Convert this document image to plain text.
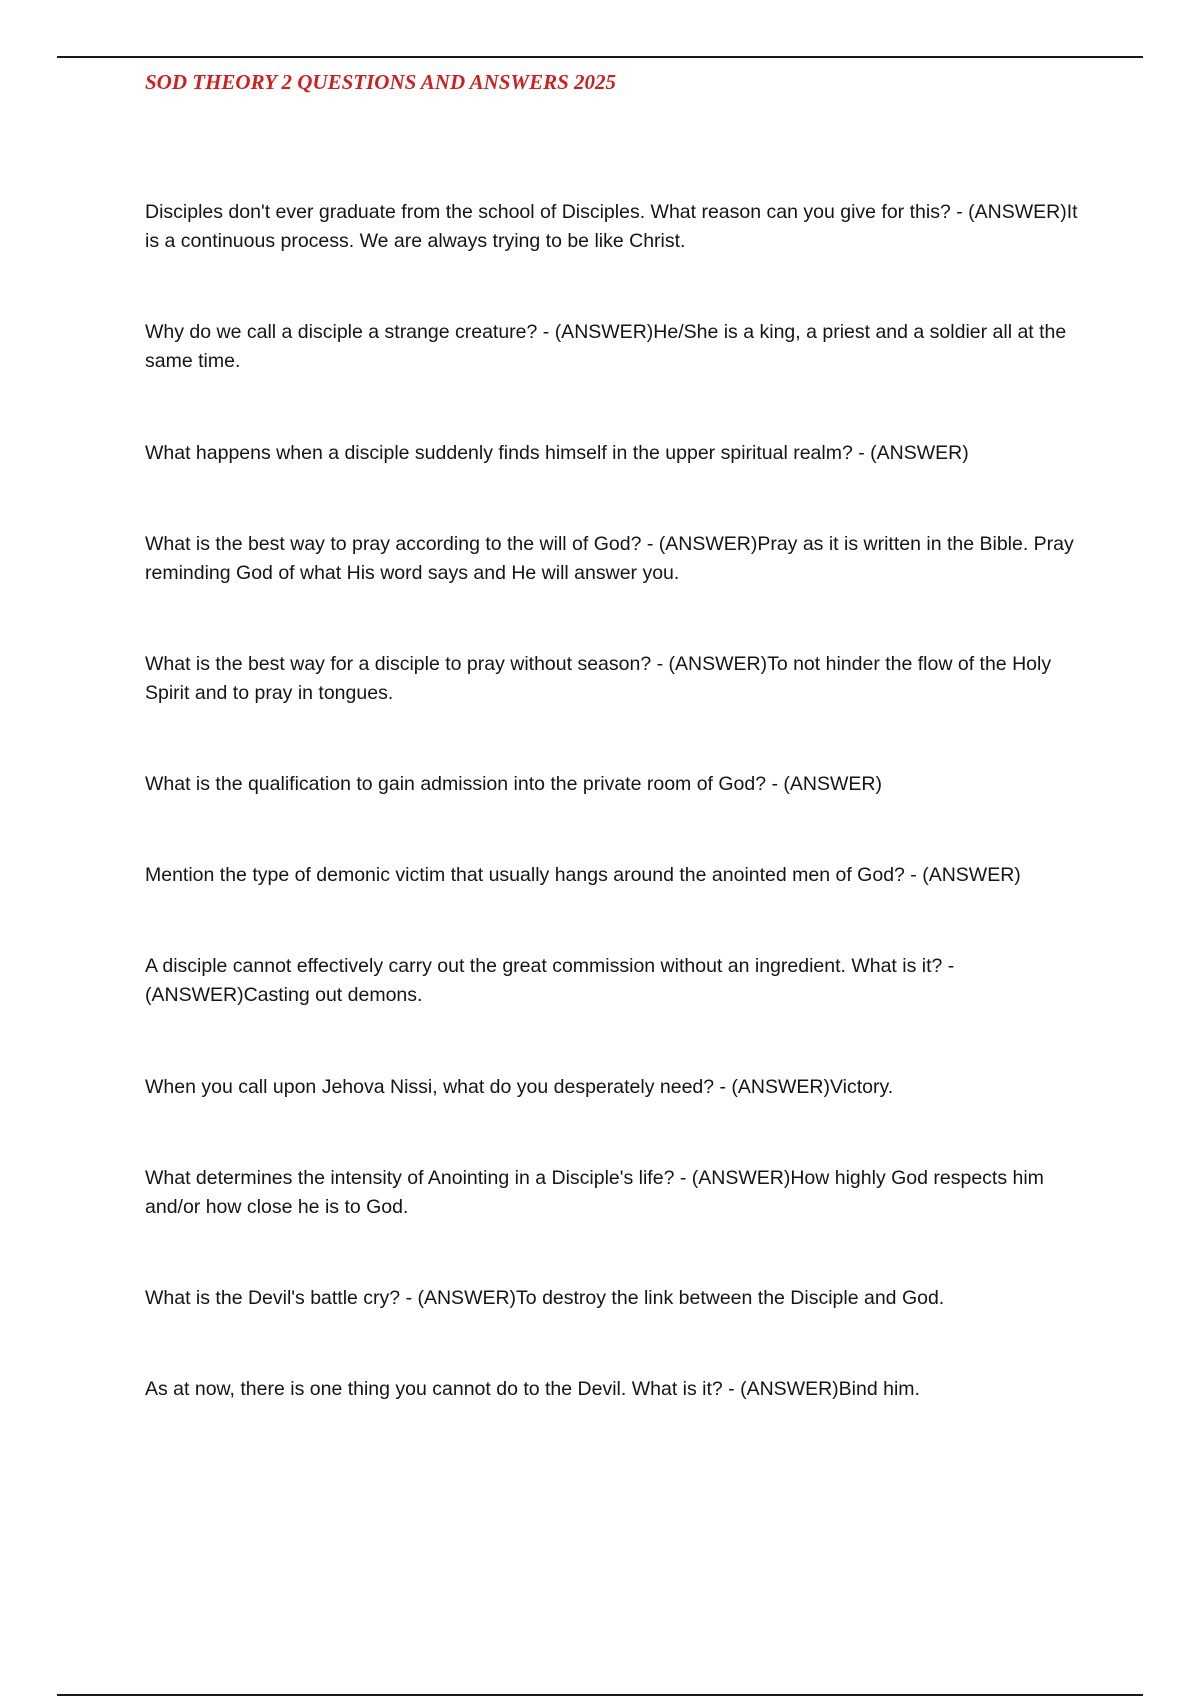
SOD THEORY 2 QUESTIONS AND ANSWERS 2025

Disciples don't ever graduate from the school of Disciples. What reason can you give for this? - (ANSWER)It is a continuous process. We are always trying to be like Christ.

Why do we call a disciple a strange creature? - (ANSWER)He/She is a king, a priest and a soldier all at the same time.

What happens when a disciple suddenly finds himself in the upper spiritual realm? - (ANSWER)

What is the best way to pray according to the will of God? - (ANSWER)Pray as it is written in the Bible. Pray reminding God of what His word says and He will answer you.

What is the best way for a disciple to pray without season? - (ANSWER)To not hinder the flow of the Holy Spirit and to pray in tongues.

What is the qualification to gain admission into the private room of God? - (ANSWER)

Mention the type of demonic victim that usually hangs around the anointed men of God? - (ANSWER)

A disciple cannot effectively carry out the great commission without an ingredient. What is it? - (ANSWER)Casting out demons.

When you call upon Jehova Nissi, what do you desperately need? - (ANSWER)Victory.

What determines the intensity of Anointing in a Disciple's life? - (ANSWER)How highly God respects him and/or how close he is to God.

What is the Devil's battle cry? - (ANSWER)To destroy the link between the Disciple and God.

As at now, there is one thing you cannot do to the Devil. What is it? - (ANSWER)Bind him.
